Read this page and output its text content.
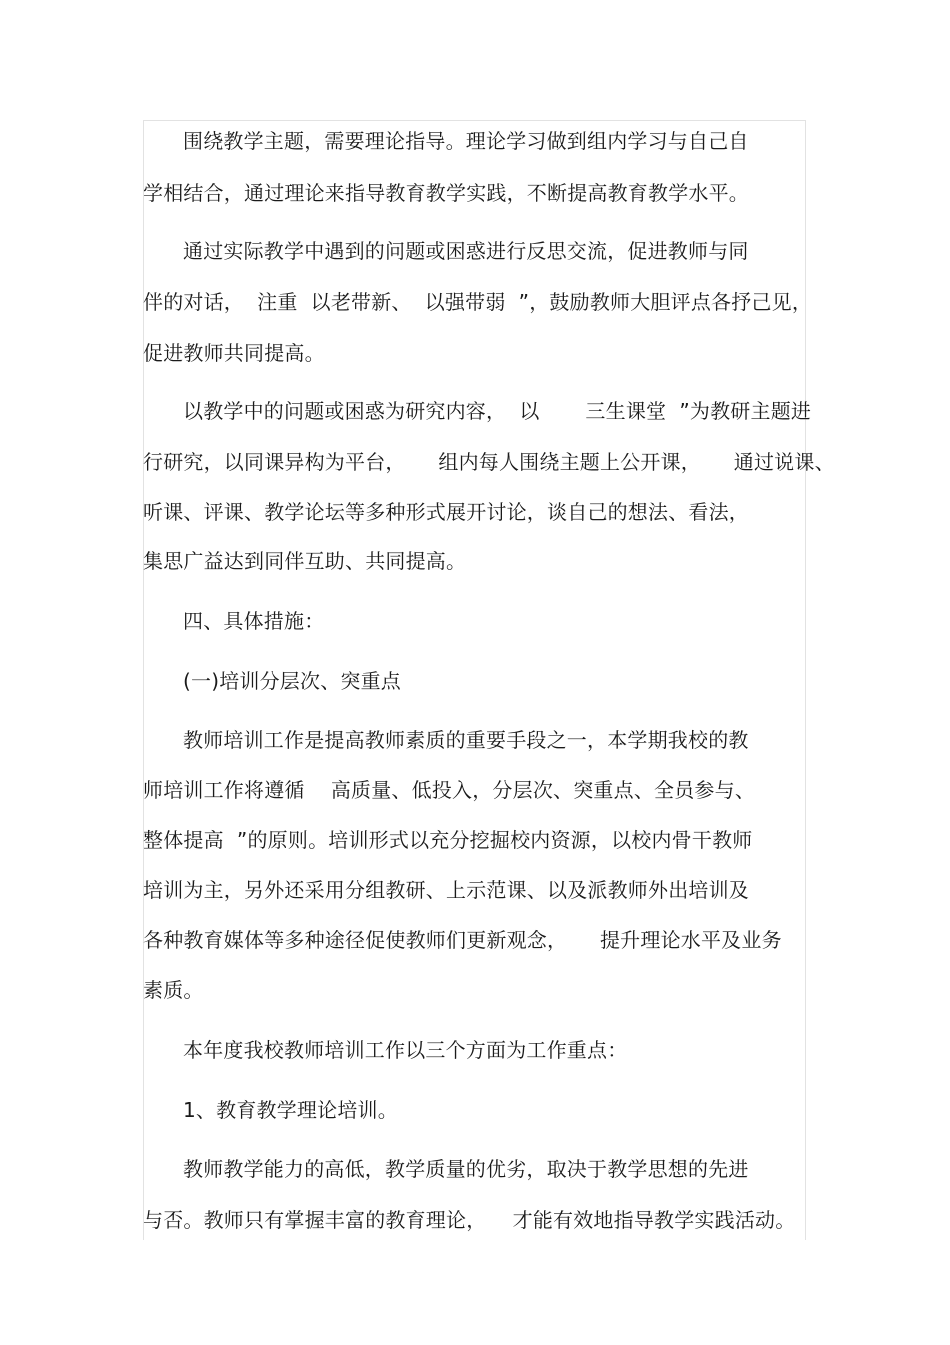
围绕教学主题，需要理论指导。理论学习做到组内学习与自己自
学相结合，通过理论来指导教育教学实践，不断提高教育教学水平。
通过实际教学中遇到的问题或困惑进行反思交流，促进教师与同
伴的对话，  注重  以老带新、  以强带弱  ”，鼓励教师大胆评点各抒己见，
促进教师共同提高。
以教学中的问题或困惑为研究内容，  以       三生课堂  ”为教研主题进
行研究，以同课异构为平台，     组内每人围绕主题上公开课，     通过说课、
听课、评课、教学论坛等多种形式展开讨论，谈自己的想法、看法，
集思广益达到同伴互助、共同提高。
四、具体措施：
(一)培训分层次、突重点
教师培训工作是提高教师素质的重要手段之一，本学期我校的教
师培训工作将遵循    高质量、低投入，分层次、突重点、全员参与、
整体提高  ”的原则。培训形式以充分挖掘校内资源，以校内骨干教师
培训为主，另外还采用分组教研、上示范课、以及派教师外出培训及
各种教育媒体等多种途径促使教师们更新观念，     提升理论水平及业务
素质。
本年度我校教师培训工作以三个方面为工作重点：
1、教育教学理论培训。
教师教学能力的高低，教学质量的优劣，取决于教学思想的先进
与否。教师只有掌握丰富的教育理论，    才能有效地指导教学实践活动。
